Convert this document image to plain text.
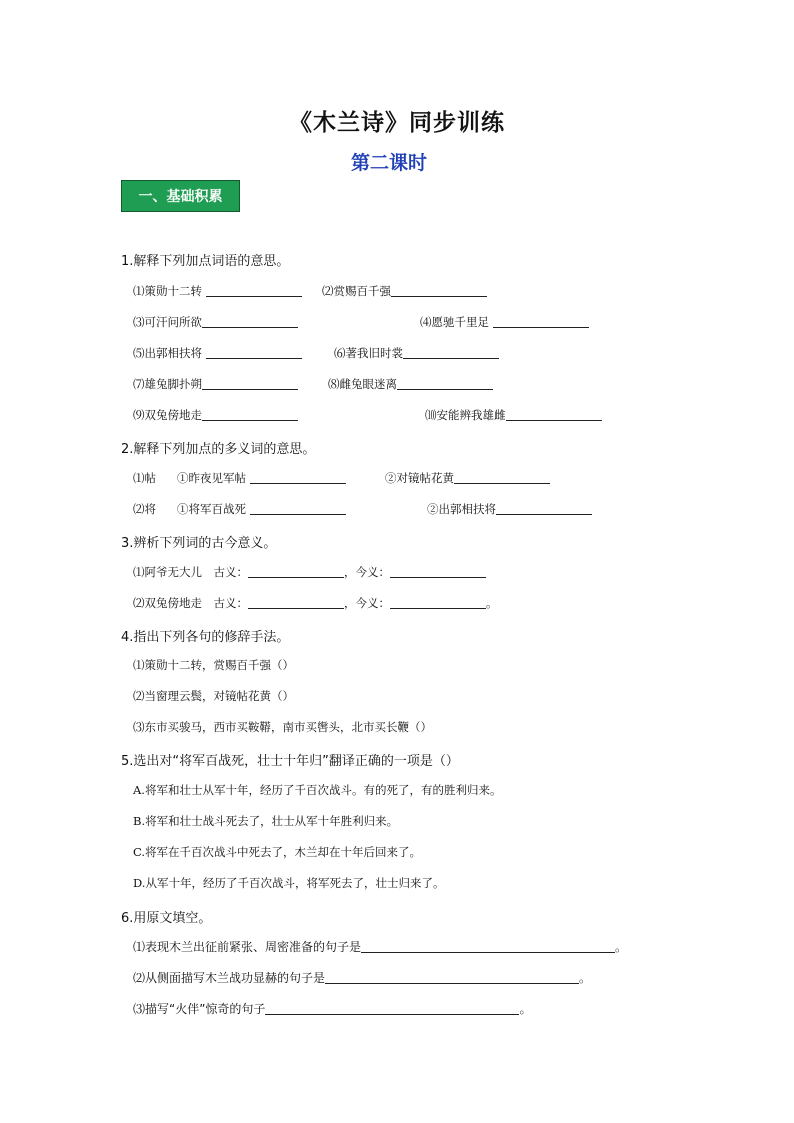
《木兰诗》同步训练
第二课时
一、基础积累
1.解释下列加点词语的意思。
⑴策勋十二转	⑵赏赐百千强
⑶可汗问所欲	⑷愿驰千里足
⑸出郭相扶将	⑹著我旧时裳
⑺雄兔脚扑朔	⑻雌兔眼迷离
⑼双兔傍地走	⑽安能辨我雄雌
2.解释下列加点的多义词的意思。
⑴帖 ①昨夜见军帖	②对镜帖花黄
⑵将 ①将军百战死	②出郭相扶将
3.辨析下列词的古今意义。
⑴阿爷无大儿　 古义：	，今义：
⑵双兔傍地走　 古义：	，今义：	。
4.指出下列各句的修辞手法。
⑴策勋十二转，赏赐百千强（）
⑵当窗理云鬓，对镜帖花黄（）
⑶东市买骏马，西市买鞍鞯，南市买辔头，北市买长鞭（）
5.选出对“将军百战死，壮士十年归”翻译正确的一项是（）
A.将军和壮士从军十年，经历了千百次战斗。有的死了，有的胜利归来。
B.将军和壮士战斗死去了，壮士从军十年胜利归来。
C.将军在千百次战斗中死去了，木兰却在十年后回来了。
D.从军十年，经历了千百次战斗，将军死去了，壮士归来了。
6.用原文填空。
⑴表现木兰出征前紧张、周密准备的句子是	。
⑵从侧面描写木兰战功显赫的句子是	。
⑶描写“火伴”惊奇的句子	。
